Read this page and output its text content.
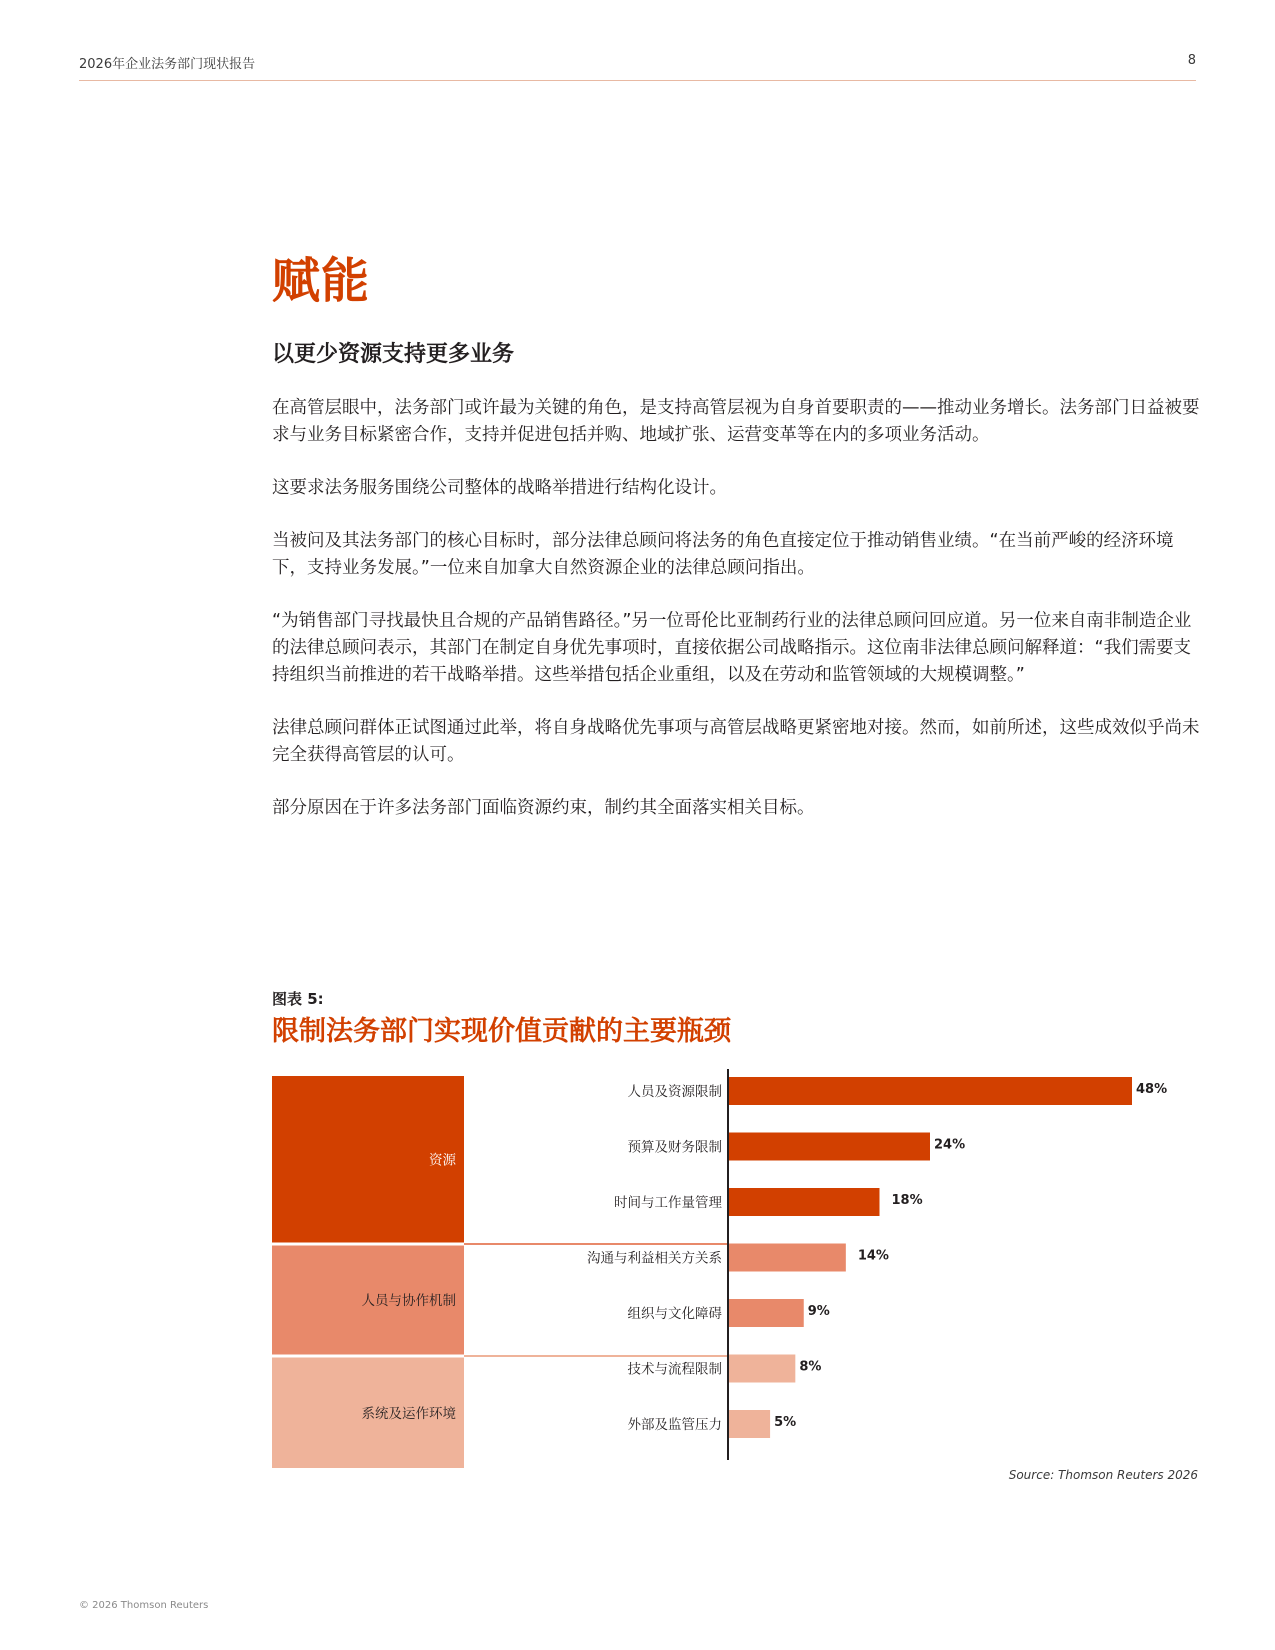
2026年企业法务部门现状报告	8
赋能
以更少资源支持更多业务

在高管层眼中，法务部门或许最为关键的角色，是支持高管层视为自身首要职责的——推动业务增长。法务部门日益被要求与业务目标紧密合作，支持并促进包括并购、地域扩张、运营变革等在内的多项业务活动。

这要求法务服务围绕公司整体的战略举措进行结构化设计。

当被问及其法务部门的核心目标时，部分法律总顾问将法务的角色直接定位于推动销售业绩。“在当前严峻的经济环境下，支持业务发展。”一位来自加拿大自然资源企业的法律总顾问指出。

“为销售部门寻找最快且合规的产品销售路径。”另一位哥伦比亚制药行业的法律总顾问回应道。另一位来自南非制造企业的法律总顾问表示，其部门在制定自身优先事项时，直接依据公司战略指示。这位南非法律总顾问解释道：“我们需要支持组织当前推进的若干战略举措。这些举措包括企业重组，以及在劳动和监管领域的大规模调整。”

法律总顾问群体正试图通过此举，将自身战略优先事项与高管层战略更紧密地对接。然而，如前所述，这些成效似乎尚未完全获得高管层的认可。

部分原因在于许多法务部门面临资源约束，制约其全面落实相关目标。

图表 5:
限制法务部门实现价值贡献的主要瓶颈
资源
人员与协作机制
系统及运作环境
人员及资源限制	48%
预算及财务限制	24%
时间与工作量管理	18%
沟通与利益相关方关系	14%
组织与文化障碍	9%
技术与流程限制	8%
外部及监管压力	5%
Source: Thomson Reuters 2026
© 2026 Thomson Reuters
